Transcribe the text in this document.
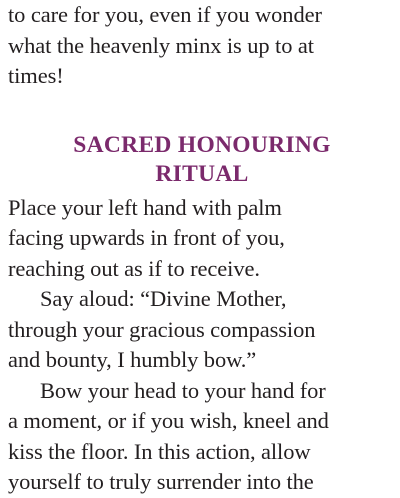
to care for you, even if you wonder
what the heavenly minx is up to at
times!

SACRED HONOURING
RITUAL

Place your left hand with palm
facing upwards in front of you,
reaching out as if to receive.

Say aloud: “Divine Mother,
through your gracious compassion
and bounty, I humbly bow.”

Bow your head to your hand for
a moment, or if you wish, kneel and
kiss the floor. In this action, allow
yourself to truly surrender into the
